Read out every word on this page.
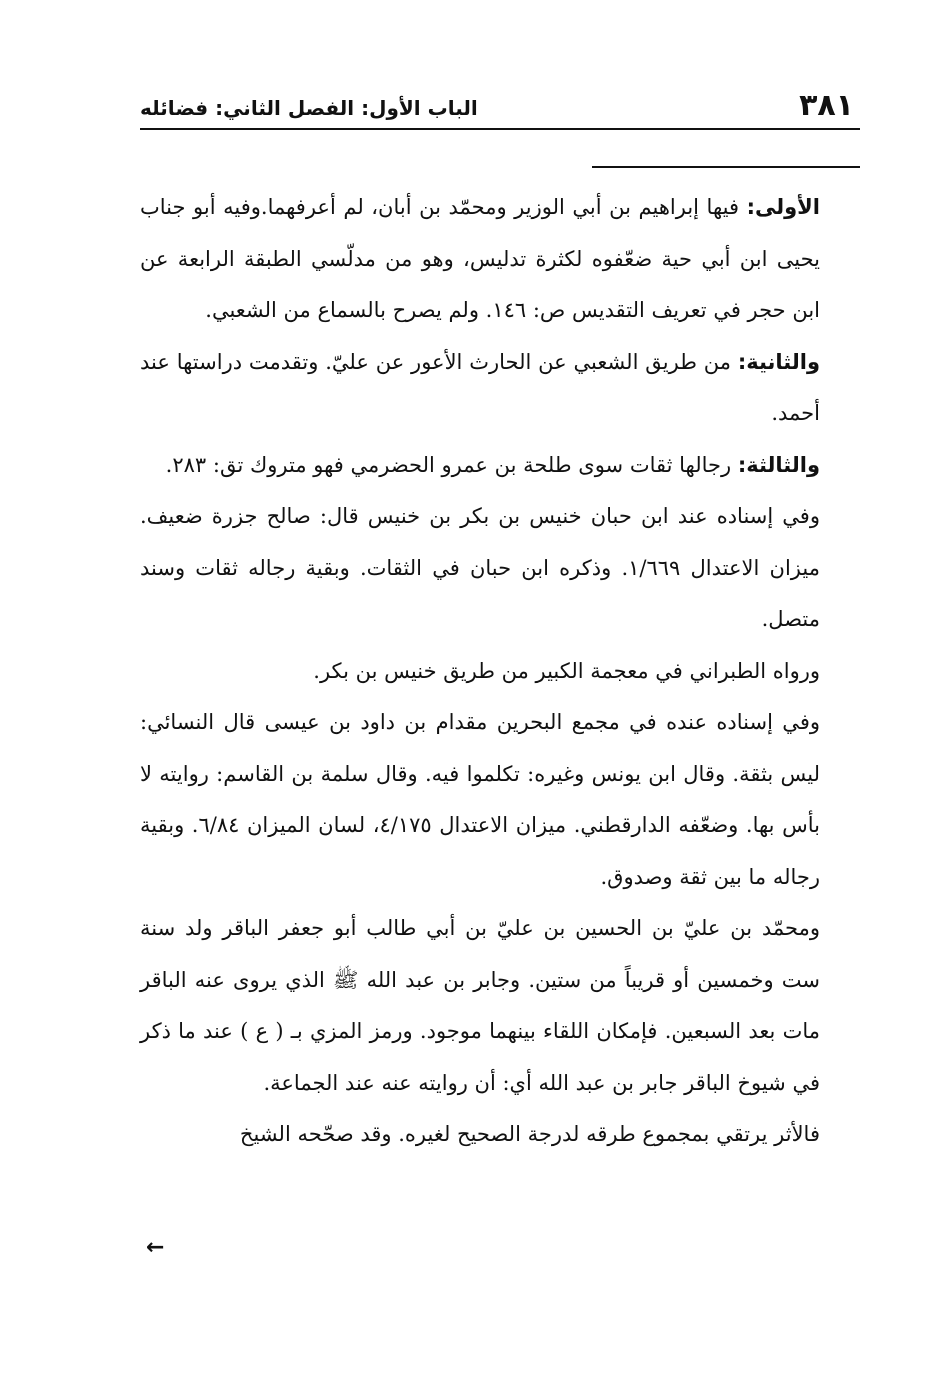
٣٨١
الباب الأول: الفصل الثاني: فضائله

الأولى: فيها إبراهيم بن أبي الوزير ومحمّد بن أبان، لم أعرفهما.وفيه أبو جناب يحيى ابن أبي حية ضعّفوه لكثرة تدليس، وهو من مدلّسي الطبقة الرابعة عن ابن حجر في تعريف التقديس ص: ١٤٦. ولم يصرح بالسماع من الشعبي.

والثانية: من طريق الشعبي عن الحارث الأعور عن عليّ. وتقدمت دراستها عند أحمد.

والثالثة: رجالها ثقات سوى طلحة بن عمرو الحضرمي فهو متروك تق: ٢٨٣.

وفي إسناده عند ابن حبان خنيس بن بكر بن خنيس قال: صالح جزرة ضعيف. ميزان الاعتدال ١/٦٦٩. وذكره ابن حبان في الثقات. وبقية رجاله ثقات وسند متصل.

ورواه الطبراني في معجمة الكبير من طريق خنيس بن بكر.

وفي إسناده عنده في مجمع البحرين مقدام بن داود بن عيسى قال النسائي: ليس بثقة. وقال ابن يونس وغيره: تكلموا فيه. وقال سلمة بن القاسم: روايته لا بأس بها. وضعّفه الدارقطني. ميزان الاعتدال ٤/١٧٥، لسان الميزان ٦/٨٤. وبقية رجاله ما بين ثقة وصدوق.

ومحمّد بن عليّ بن الحسين بن عليّ بن أبي طالب أبو جعفر الباقر ولد سنة ست وخمسين أو قريباً من ستين. وجابر بن عبد الله ﷺ الذي يروى عنه الباقر مات بعد السبعين. فإمكان اللقاء بينهما موجود. ورمز المزي بـ ( ع ) عند ما ذكر في شيوخ الباقر جابر بن عبد الله أي: أن روايته عنه عند الجماعة.

فالأثر يرتقي بمجموع طرقه لدرجة الصحيح لغيره. وقد صحّحه الشيخ

←
